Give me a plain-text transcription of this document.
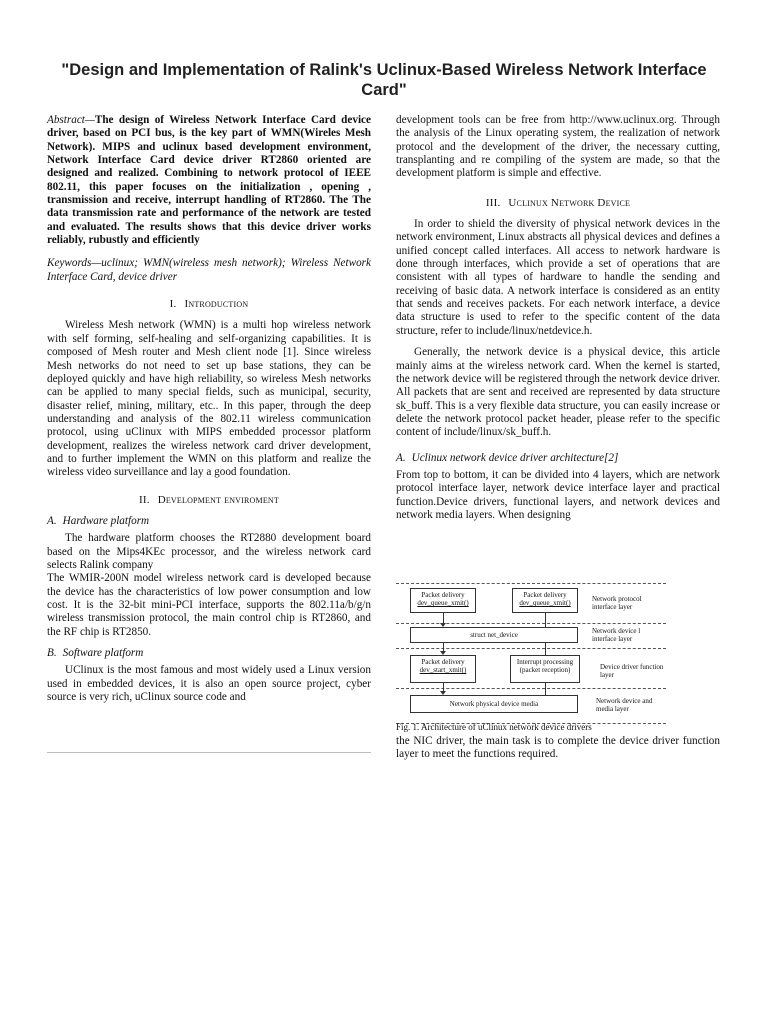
"Design and Implementation of Ralink's Uclinux-Based Wireless Network Interface Card"

Abstract—The design of Wireless Network Interface Card device driver, based on PCI bus, is the key part of WMN(Wireles Mesh Network). MIPS and uclinux based development environment, Network Interface Card device driver RT2860 oriented are designed and realized. Combining to network protocol of IEEE 802.11, this paper focuses on the initialization , opening , transmission and receive, interrupt handling of RT2860. The The data transmission rate and performance of the network are tested and evaluated. The results shows that this device driver works reliably, rubustly and efficiently

Keywords—uclinux; WMN(wireless mesh network); Wireless Network Interface Card, device driver

I. Introduction

Wireless Mesh network (WMN) is a multi hop wireless network with self forming, self-healing and self-organizing capabilities. It is composed of Mesh router and Mesh client node [1]. Since wireless Mesh networks do not need to set up base stations, they can be deployed quickly and have high reliability, so wireless Mesh networks can be applied to many special fields, such as municipal, security, disaster relief, mining, military, etc.. In this paper, through the deep understanding and analysis of the 802.11 wireless communication protocol, using uClinux with MIPS embedded processor platform development, realizes the wireless network card driver development, and to further implement the WMN on this platform and realize the wireless video surveillance and lay a good foundation.

II. Development enviroment
A. Hardware platform

The hardware platform chooses the RT2880 development board based on the Mips4KEc processor, and the wireless network card selects Ralink company

The WMIR-200N model wireless network card is developed because the device has the characteristics of low power consumption and low cost. It is the 32-bit mini-PCI interface, supports the 802.11a/b/g/n wireless transmission protocol, the main control chip is RT2860, and the RF chip is RT2850.

B. Software platform

UClinux is the most famous and most widely used a Linux version used in embedded devices, it is also an open source project, cyber source is very rich, uClinux source code and

development tools can be free from http://www.uclinux.org. Through the analysis of the Linux operating system, the realization of network protocol and the development of the driver, the necessary cutting, transplanting and re compiling of the system are made, so that the development platform is simple and effective.

III. Uclinux Network Device

In order to shield the diversity of physical network devices in the network environment, Linux abstracts all physical devices and defines a unified concept called interfaces. All access to network hardware is done through interfaces, which provide a set of operations that are consistent with all types of hardware to handle the sending and receiving of basic data. A network interface is considered as an entity that sends and receives packets. For each network interface, a device data structure is used to refer to the specific content of the data structure, refer to include/linux/netdevice.h.

Generally, the network device is a physical device, this article mainly aims at the wireless network card. When the kernel is started, the network device will be registered through the network device driver. All packets that are sent and received are represented by data structure sk_buff. This is a very flexible data structure, you can easily increase or delete the network protocol packet header, please refer to the specific content of include/linux/sk_buff.h.

A. Uclinux network device driver architecture[2]

From top to bottom, it can be divided into 4 layers, which are network protocol interface layer, network device interface layer and practical function.Device drivers, functional layers, and network devices and network media layers. When designing

Packet delivery
dev_queue_xmit()
Packet delivery
dev_queue_xmit()
struct net_device
Packet delivery
dev_start_xmit()
Interrupt processing
(packet reception)
Network physical device media
Network protocol interface layer
Network device l interface layer
Device driver function layer
Network device and media layer
Fig. 1. Architecture of uClinux network device drivers
the NIC driver, the main task is to complete the device driver function layer to meet the functions required.
